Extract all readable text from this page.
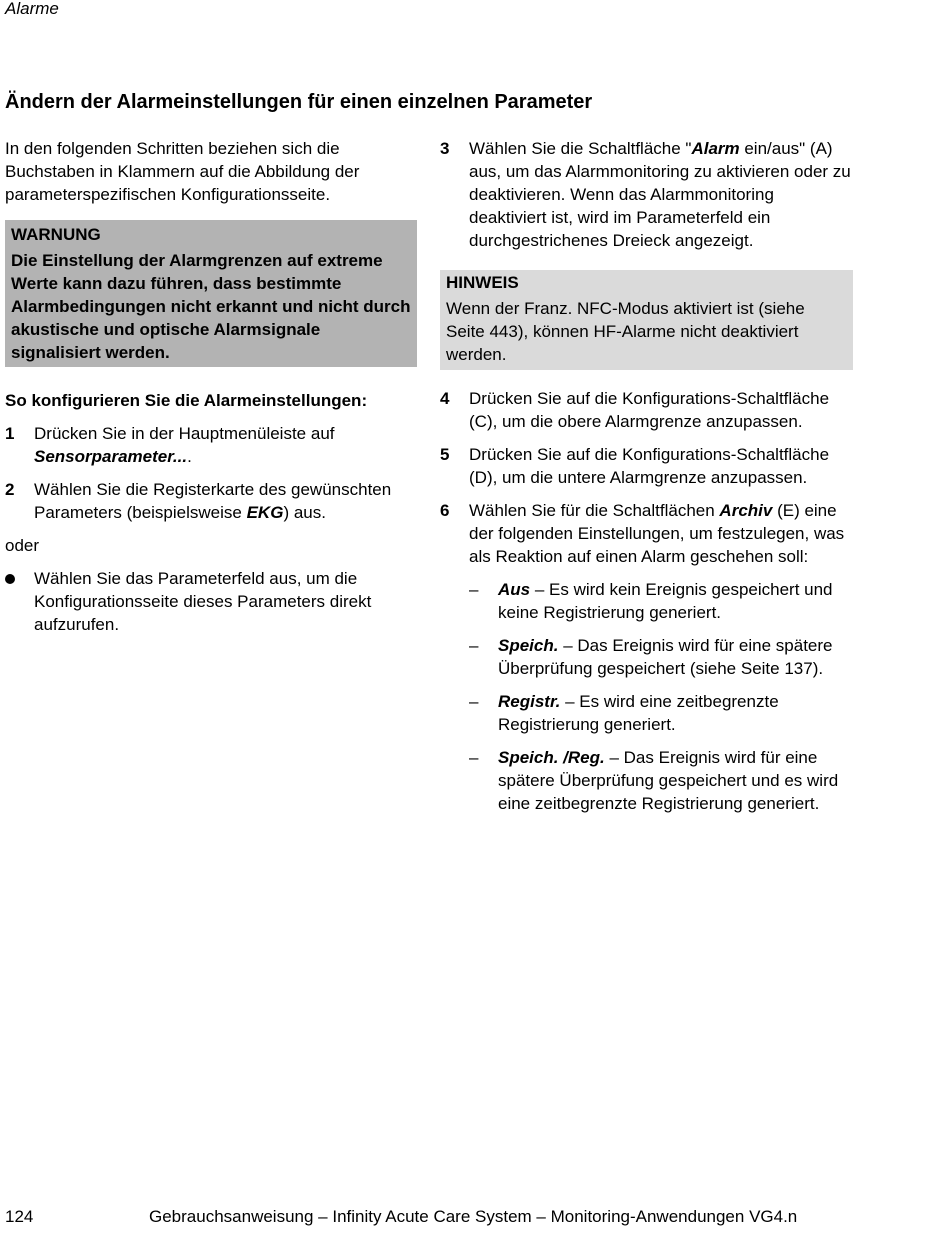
Alarme
Ändern der Alarmeinstellungen für einen einzelnen Parameter

In den folgenden Schritten beziehen sich die Buchstaben in Klammern auf die Abbildung der parameterspezifischen Konfigurationsseite.

WARNUNG
Die Einstellung der Alarmgrenzen auf extreme Werte kann dazu führen, dass bestimmte Alarmbedingungen nicht erkannt und nicht durch akustische und optische Alarmsignale signalisiert werden.

So konfigurieren Sie die Alarmeinstellungen:

1	Drücken Sie in der Hauptmenüleiste auf Sensorparameter....
2	Wählen Sie die Registerkarte des gewünschten Parameters (beispielsweise EKG) aus.

oder

Wählen Sie das Parameterfeld aus, um die Konfigurationsseite dieses Parameters direkt aufzurufen.
3	Wählen Sie die Schaltfläche "Alarm ein/aus" (A) aus, um das Alarmmonitoring zu aktivieren oder zu deaktivieren. Wenn das Alarmmonitoring deaktiviert ist, wird im Parameterfeld ein durchgestrichenes Dreieck angezeigt.
HINWEIS
Wenn der Franz. NFC-Modus aktiviert ist (siehe Seite 443), können HF-Alarme nicht deaktiviert werden.
4	Drücken Sie auf die Konfigurations-Schaltfläche (C), um die obere Alarmgrenze anzupassen.
5	Drücken Sie auf die Konfigurations-Schaltfläche (D), um die untere Alarmgrenze anzupassen.
6	Wählen Sie für die Schaltflächen Archiv (E) eine der folgenden Einstellungen, um festzulegen, was als Reaktion auf einen Alarm geschehen soll:
–	Aus – Es wird kein Ereignis gespeichert und keine Registrierung generiert.
–	Speich. – Das Ereignis wird für eine spätere Überprüfung gespeichert (siehe Seite 137).
–	Registr. – Es wird eine zeitbegrenzte Registrierung generiert.
–	Speich. /Reg. – Das Ereignis wird für eine spätere Überprüfung gespeichert und es wird eine zeitbegrenzte Registrierung generiert.
124	Gebrauchsanweisung – Infinity Acute Care System – Monitoring-Anwendungen VG4.n
